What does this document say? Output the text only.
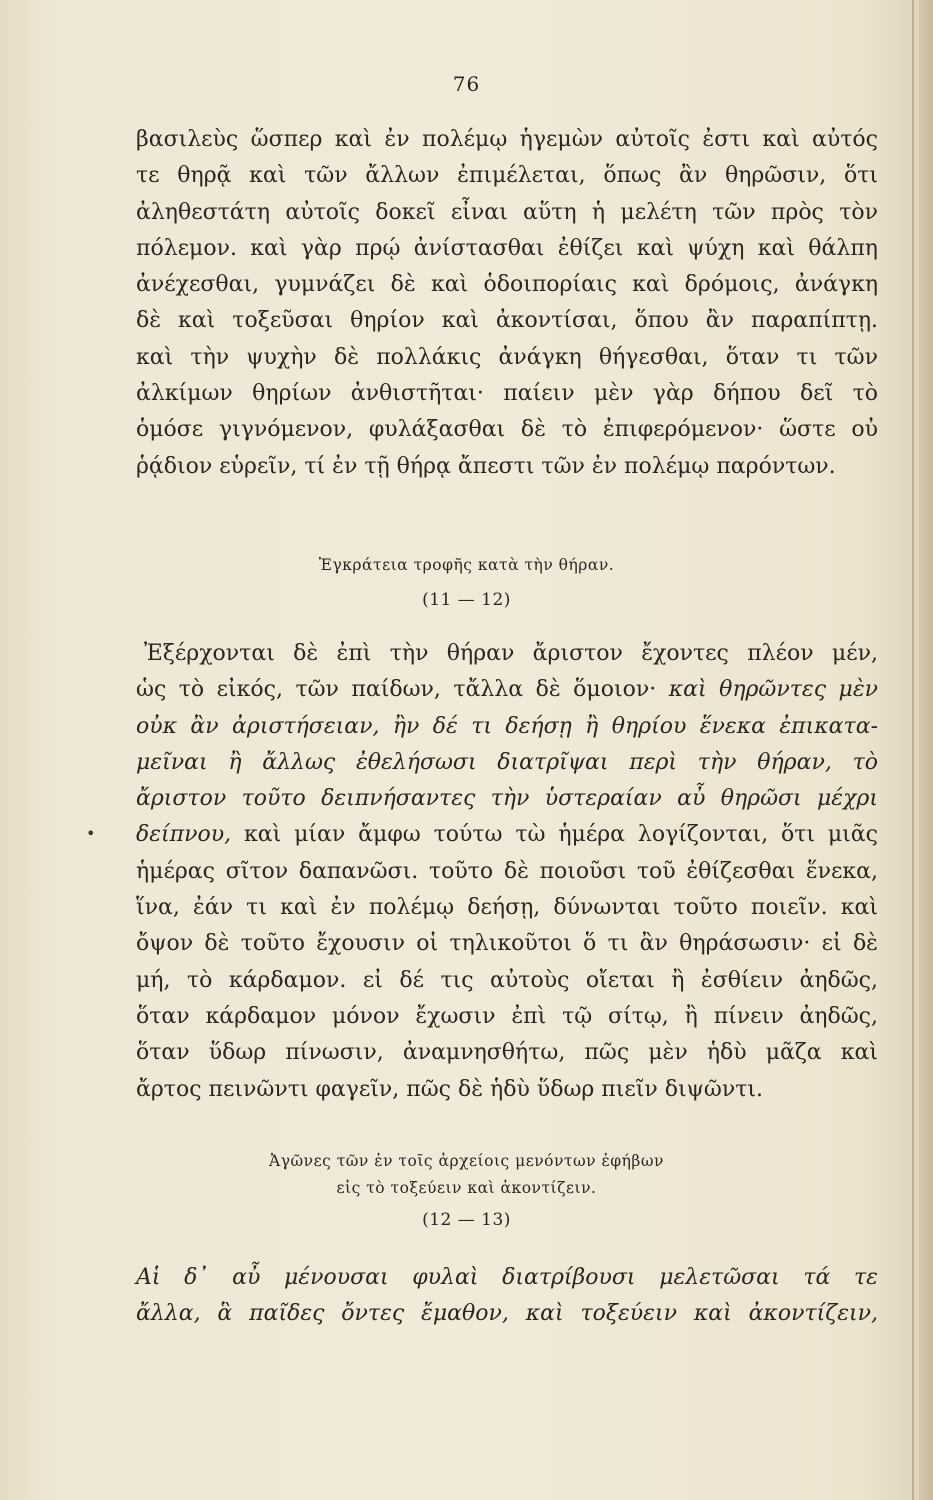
76
βασιλεὺς ὥσπερ καὶ ἐν πολέμῳ ἡγεμὼν αὐτοῖς ἐστι καὶ αὐτός
τε θηρᾷ καὶ τῶν ἄλλων ἐπιμέλεται, ὅπως ἂν θηρῶσιν, ὅτι
ἀληθεστάτη αὐτοῖς δοκεῖ εἶναι αὕτη ἡ μελέτη τῶν πρὸς τὸν
πόλεμον. καὶ γὰρ πρῴ ἀνίστασθαι ἐθίζει καὶ ψύχη καὶ θάλπη
ἀνέχεσθαι, γυμνάζει δὲ καὶ ὁδοιπορίαις καὶ δρόμοις, ἀνάγκη
δὲ καὶ τοξεῦσαι θηρίον καὶ ἀκοντίσαι, ὅπου ἂν παραπίπτῃ.
καὶ τὴν ψυχὴν δὲ πολλάκις ἀνάγκη θήγεσθαι, ὅταν τι τῶν
ἀλκίμων θηρίων ἀνθιστῆται· παίειν μὲν γὰρ δήπου δεῖ τὸ
ὁμόσε γιγνόμενον, φυλάξασθαι δὲ τὸ ἐπιφερόμενον· ὥστε οὐ
ῥᾴδιον εὑρεῖν, τί ἐν τῇ θήρᾳ ἄπεστι τῶν ἐν πολέμῳ παρόντων.
Ἐγκράτεια τροφῆς κατὰ τὴν θήραν.
(11 — 12)
Ἐξέρχονται δὲ ἐπὶ τὴν θήραν ἄριστον ἔχοντες πλέον μέν,
ὡς τὸ εἰκός, τῶν παίδων, τἄλλα δὲ ὅμοιον· καὶ θηρῶντες μὲν
οὐκ ἂν ἀριστήσειαν, ἢν δέ τι δεήσῃ ἢ θηρίου ἕνεκα ἐπικατα-
μεῖναι ἢ ἄλλως ἐθελήσωσι διατρῖψαι περὶ τὴν θήραν, τὸ
ἄριστον τοῦτο δειπνήσαντες τὴν ὑστεραίαν αὖ θηρῶσι μέχρι
δείπνου, καὶ μίαν ἄμφω τούτω τὼ ἡμέρα λογίζονται, ὅτι μιᾶς
ἡμέρας σῖτον δαπανῶσι. τοῦτο δὲ ποιοῦσι τοῦ ἐθίζεσθαι ἕνεκα,
ἵνα, ἐάν τι καὶ ἐν πολέμῳ δεήσῃ, δύνωνται τοῦτο ποιεῖν. καὶ
ὄψον δὲ τοῦτο ἔχουσιν οἱ τηλικοῦτοι ὅ τι ἂν θηράσωσιν· εἰ δὲ
μή, τὸ κάρδαμον. εἰ δέ τις αὐτοὺς οἴεται ἢ ἐσθίειν ἀηδῶς,
ὅταν κάρδαμον μόνον ἔχωσιν ἐπὶ τῷ σίτῳ, ἢ πίνειν ἀηδῶς,
ὅταν ὕδωρ πίνωσιν, ἀναμνησθήτω, πῶς μὲν ἡδὺ μᾶζα καὶ
ἄρτος πεινῶντι φαγεῖν, πῶς δὲ ἡδὺ ὕδωρ πιεῖν διψῶντι.
Ἀγῶνες τῶν ἐν τοῖς ἀρχείοις μενόντων ἐφήβων
εἰς τὸ τοξεύειν καὶ ἀκοντίζειν.
(12 — 13)
Αἱ δ᾽ αὖ μένουσαι φυλαὶ διατρίβουσι μελετῶσαι τά τε
ἄλλα, ἃ παῖδες ὄντες ἔμαθον, καὶ τοξεύειν καὶ ἀκοντίζειν,
•
